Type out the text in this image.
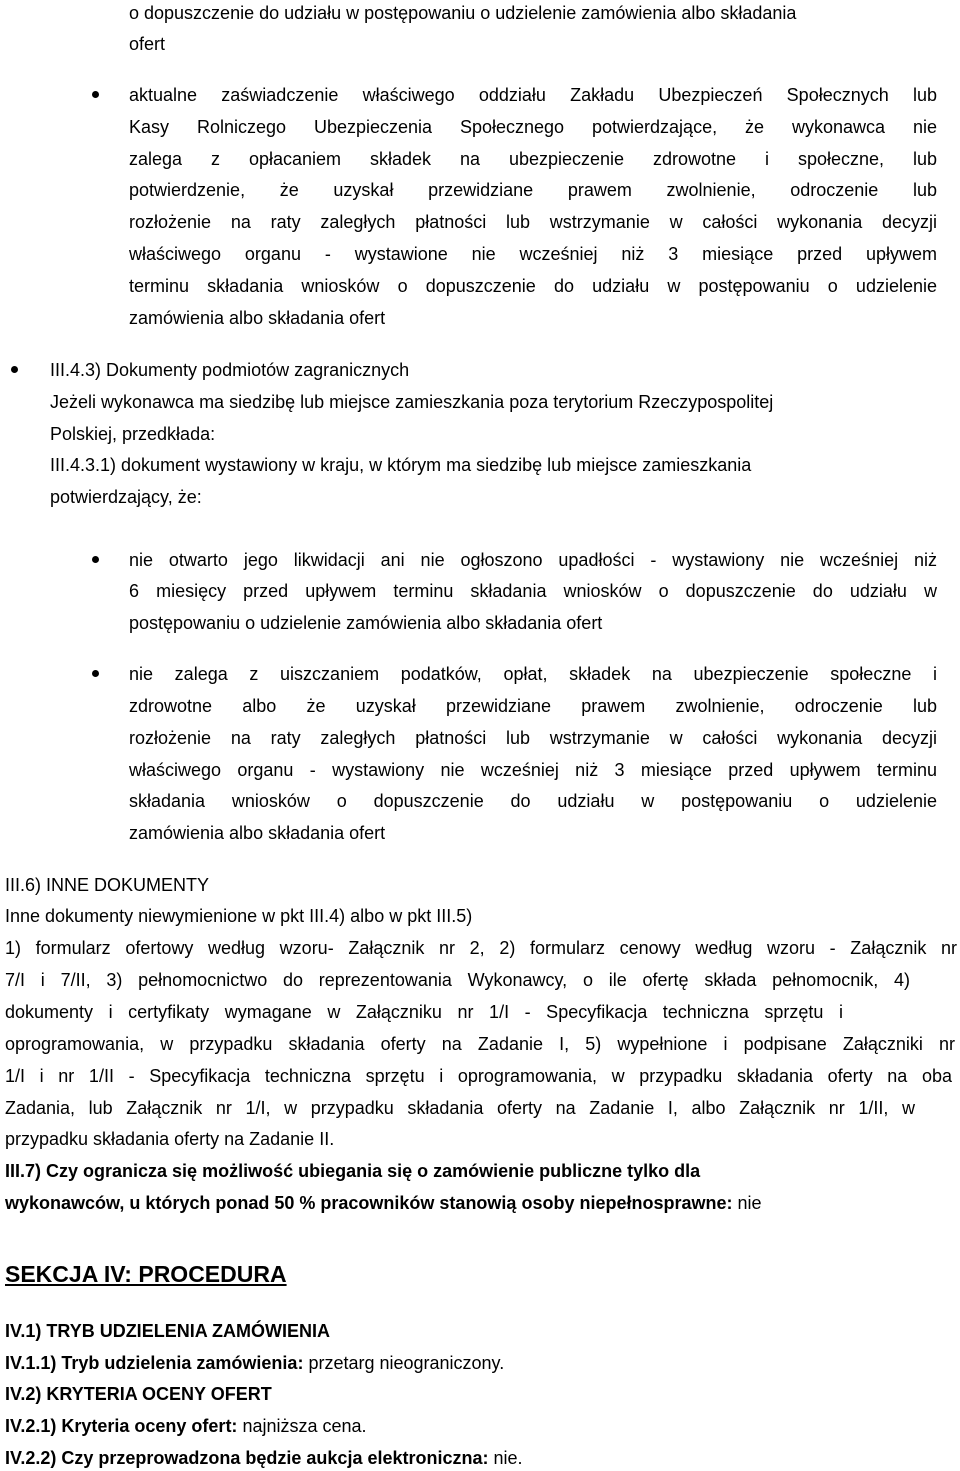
o dopuszczenie do udziału w postępowaniu o udzielenie zamówienia albo składania
ofert
aktualne zaświadczenie właściwego oddziału Zakładu Ubezpieczeń Społecznych lub
Kasy Rolniczego Ubezpieczenia Społecznego potwierdzające, że wykonawca nie
zalega z opłacaniem składek na ubezpieczenie zdrowotne i społeczne, lub
potwierdzenie, że uzyskał przewidziane prawem zwolnienie, odroczenie lub
rozłożenie na raty zaległych płatności lub wstrzymanie w całości wykonania decyzji
właściwego organu - wystawione nie wcześniej niż 3 miesiące przed upływem
terminu składania wniosków o dopuszczenie do udziału w postępowaniu o udzielenie
zamówienia albo składania ofert
III.4.3) Dokumenty podmiotów zagranicznych
Jeżeli wykonawca ma siedzibę lub miejsce zamieszkania poza terytorium Rzeczypospolitej
Polskiej, przedkłada:
III.4.3.1) dokument wystawiony w kraju, w którym ma siedzibę lub miejsce zamieszkania
potwierdzający, że:
nie otwarto jego likwidacji ani nie ogłoszono upadłości - wystawiony nie wcześniej niż
6 miesięcy przed upływem terminu składania wniosków o dopuszczenie do udziału w
postępowaniu o udzielenie zamówienia albo składania ofert
nie zalega z uiszczaniem podatków, opłat, składek na ubezpieczenie społeczne i
zdrowotne albo że uzyskał przewidziane prawem zwolnienie, odroczenie lub
rozłożenie na raty zaległych płatności lub wstrzymanie w całości wykonania decyzji
właściwego organu - wystawiony nie wcześniej niż 3 miesiące przed upływem terminu
składania wniosków o dopuszczenie do udziału w postępowaniu o udzielenie
zamówienia albo składania ofert
III.6) INNE DOKUMENTY
Inne dokumenty niewymienione w pkt III.4) albo w pkt III.5)
1) formularz ofertowy według wzoru- Załącznik nr 2, 2) formularz cenowy według wzoru - Załącznik nr
7/I i 7/II, 3) pełnomocnictwo do reprezentowania Wykonawcy, o ile ofertę składa pełnomocnik, 4)
dokumenty i certyfikaty wymagane w Załączniku nr 1/I - Specyfikacja techniczna sprzętu i
oprogramowania, w przypadku składania oferty na Zadanie I, 5) wypełnione i podpisane Załączniki nr
1/I i nr 1/II - Specyfikacja techniczna sprzętu i oprogramowania, w przypadku składania oferty na oba
Zadania, lub Załącznik nr 1/I, w przypadku składania oferty na Zadanie I, albo Załącznik nr 1/II, w
przypadku składania oferty na Zadanie II.
III.7) Czy ogranicza się możliwość ubiegania się o zamówienie publiczne tylko dla
wykonawców, u których ponad 50 % pracowników stanowią osoby niepełnosprawne: nie
SEKCJA IV: PROCEDURA
IV.1) TRYB UDZIELENIA ZAMÓWIENIA
IV.1.1) Tryb udzielenia zamówienia: przetarg nieograniczony.
IV.2) KRYTERIA OCENY OFERT
IV.2.1) Kryteria oceny ofert: najniższa cena.
IV.2.2) Czy przeprowadzona będzie aukcja elektroniczna: nie.
